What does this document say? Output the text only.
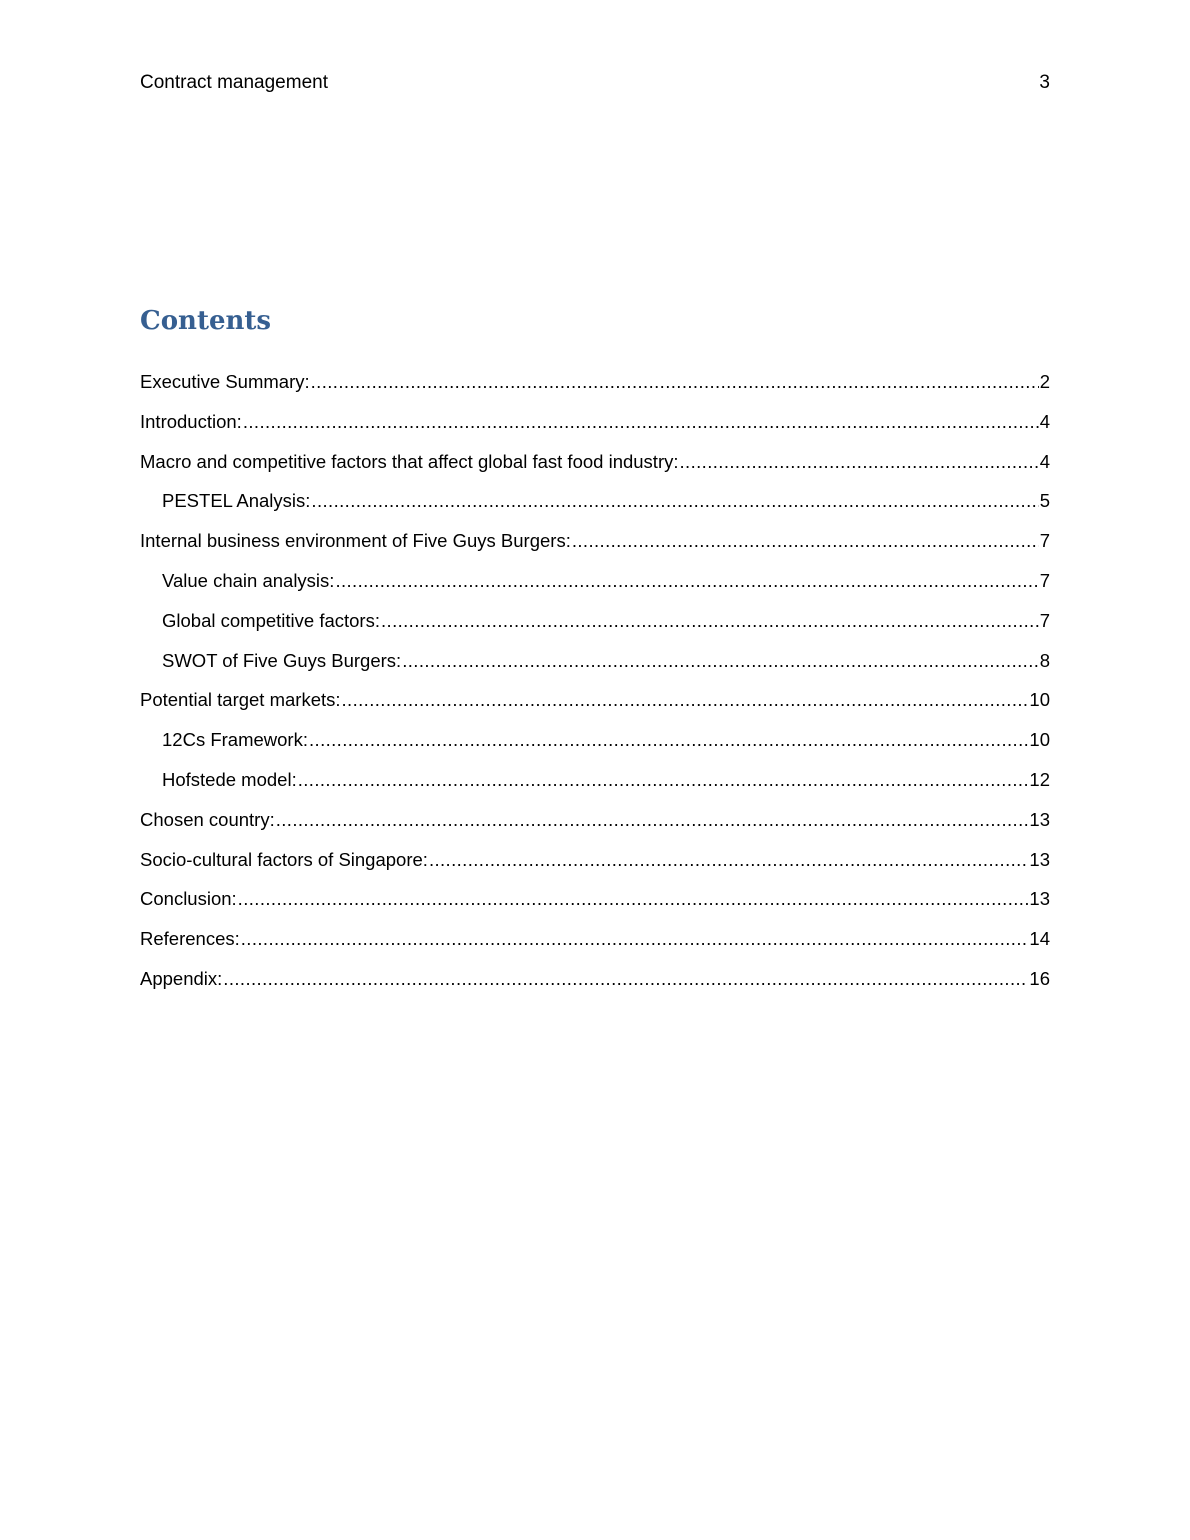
Contract management	3
Contents
Executive Summary: .....	2
Introduction: .....	4
Macro and competitive factors that affect global fast food industry: .....	4
PESTEL Analysis: .....	5
Internal business environment of Five Guys Burgers: .....	7
Value chain analysis: .....	7
Global competitive factors: .....	7
SWOT of Five Guys Burgers: .....	8
Potential target markets: .....	10
12Cs Framework: .....	10
Hofstede model: .....	12
Chosen country: .....	13
Socio-cultural factors of Singapore: .....	13
Conclusion: .....	13
References: .....	14
Appendix: .....	16
